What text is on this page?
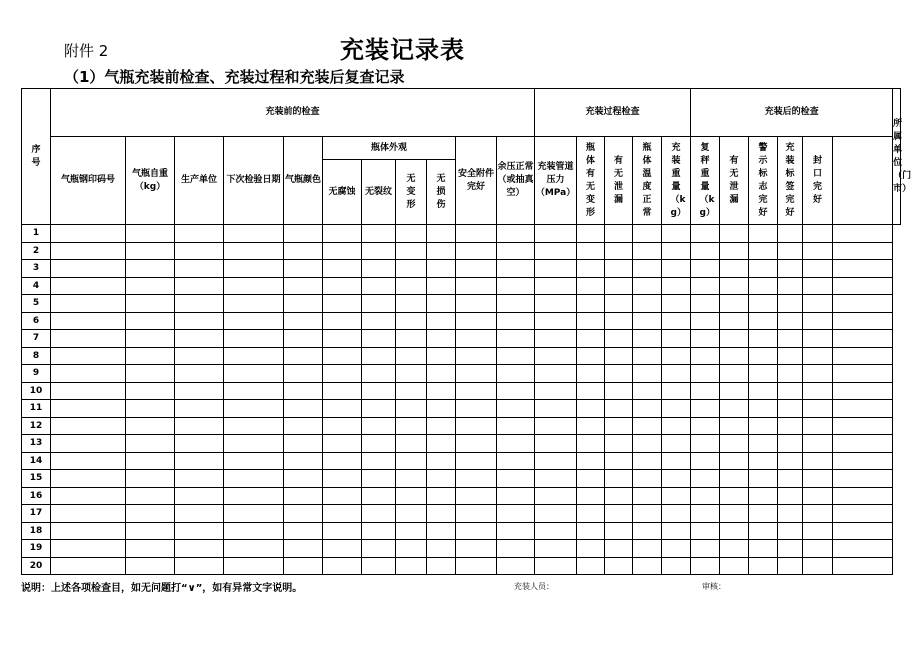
附件 2	充装记录表
（1）气瓶充装前检查、充装过程和充装后复查记录
序号	充装前的检查											充装过程检查					充装后的检查						所属单位（门市）
	气瓶钢印码号	气瓶自重（kg）	生产单位	下次检验日期	气瓶颜色	瓶体外观				安全附件完好	余压正常（或抽真空）	充装管道压力（MPa）	瓶体有无变形	有无泄漏	瓶体温度正常	充装重量（kg）	复秤重量（kg）	有无泄漏	警示标志完好	充装标签完好	封口完好		
						无腐蚀	无裂纹	无变形	无损伤														
1																							
2																							
3																							
4																							
5																							
6																							
7																							
8																							
9																							
10																							
11																							
12																							
13																							
14																							
15																							
16																							
17																							
18																							
19																							
20																							
说明：上述各项检查目，如无问题打“∨”，如有异常文字说明。	充装人员：	审核：
